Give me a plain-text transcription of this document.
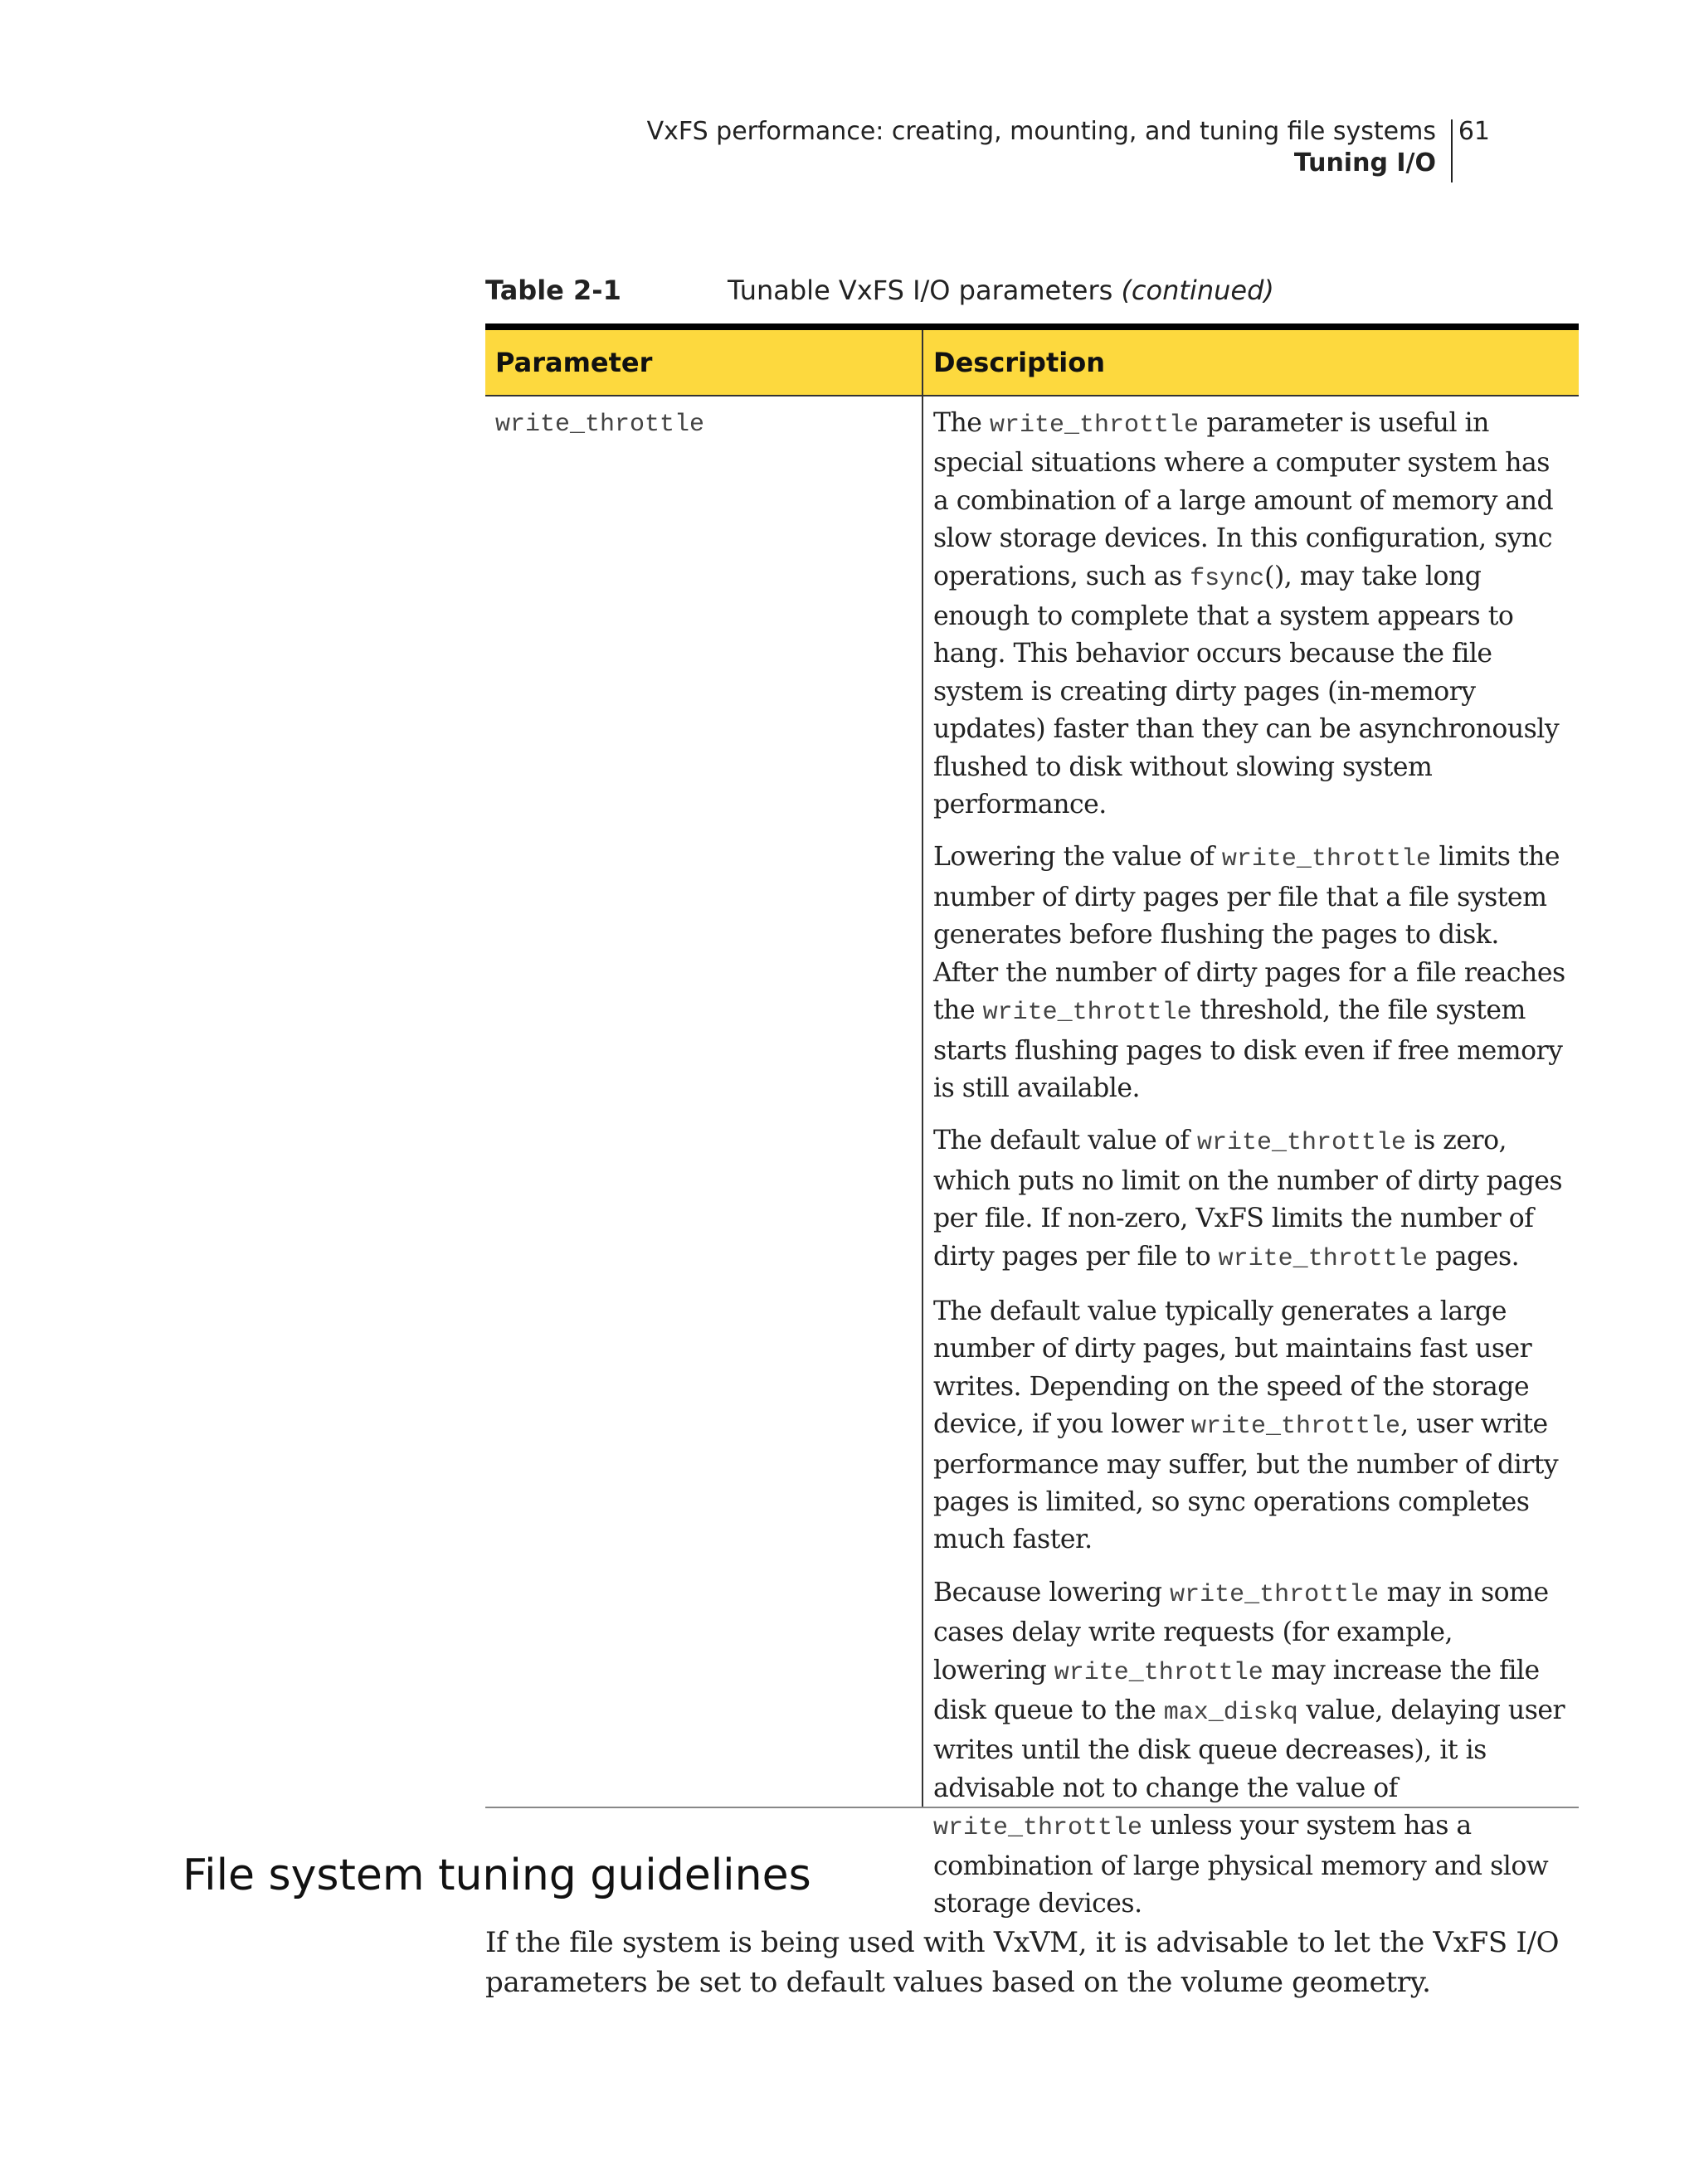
VxFS performance: creating, mounting, and tuning file systems
Tuning I/O
61
Table 2-1	Tunable VxFS I/O parameters (continued)
Parameter	Description
write_throttle	The write_throttle parameter is useful in special situations where a computer system has a combination of a large amount of memory and slow storage devices. In this configuration, sync operations, such as fsync(), may take long enough to complete that a system appears to hang. This behavior occurs because the file system is creating dirty pages (in-memory updates) faster than they can be asynchronously flushed to disk without slowing system performance.

Lowering the value of write_throttle limits the number of dirty pages per file that a file system generates before flushing the pages to disk. After the number of dirty pages for a file reaches the write_throttle threshold, the file system starts flushing pages to disk even if free memory is still available.

The default value of write_throttle is zero, which puts no limit on the number of dirty pages per file. If non-zero, VxFS limits the number of dirty pages per file to write_throttle pages.

The default value typically generates a large number of dirty pages, but maintains fast user writes. Depending on the speed of the storage device, if you lower write_throttle, user write performance may suffer, but the number of dirty pages is limited, so sync operations completes much faster.

Because lowering write_throttle may in some cases delay write requests (for example, lowering write_throttle may increase the file disk queue to the max_diskq value, delaying user writes until the disk queue decreases), it is advisable not to change the value of write_throttle unless your system has a combination of large physical memory and slow storage devices.

File system tuning guidelines

If the file system is being used with VxVM, it is advisable to let the VxFS I/O parameters be set to default values based on the volume geometry.
